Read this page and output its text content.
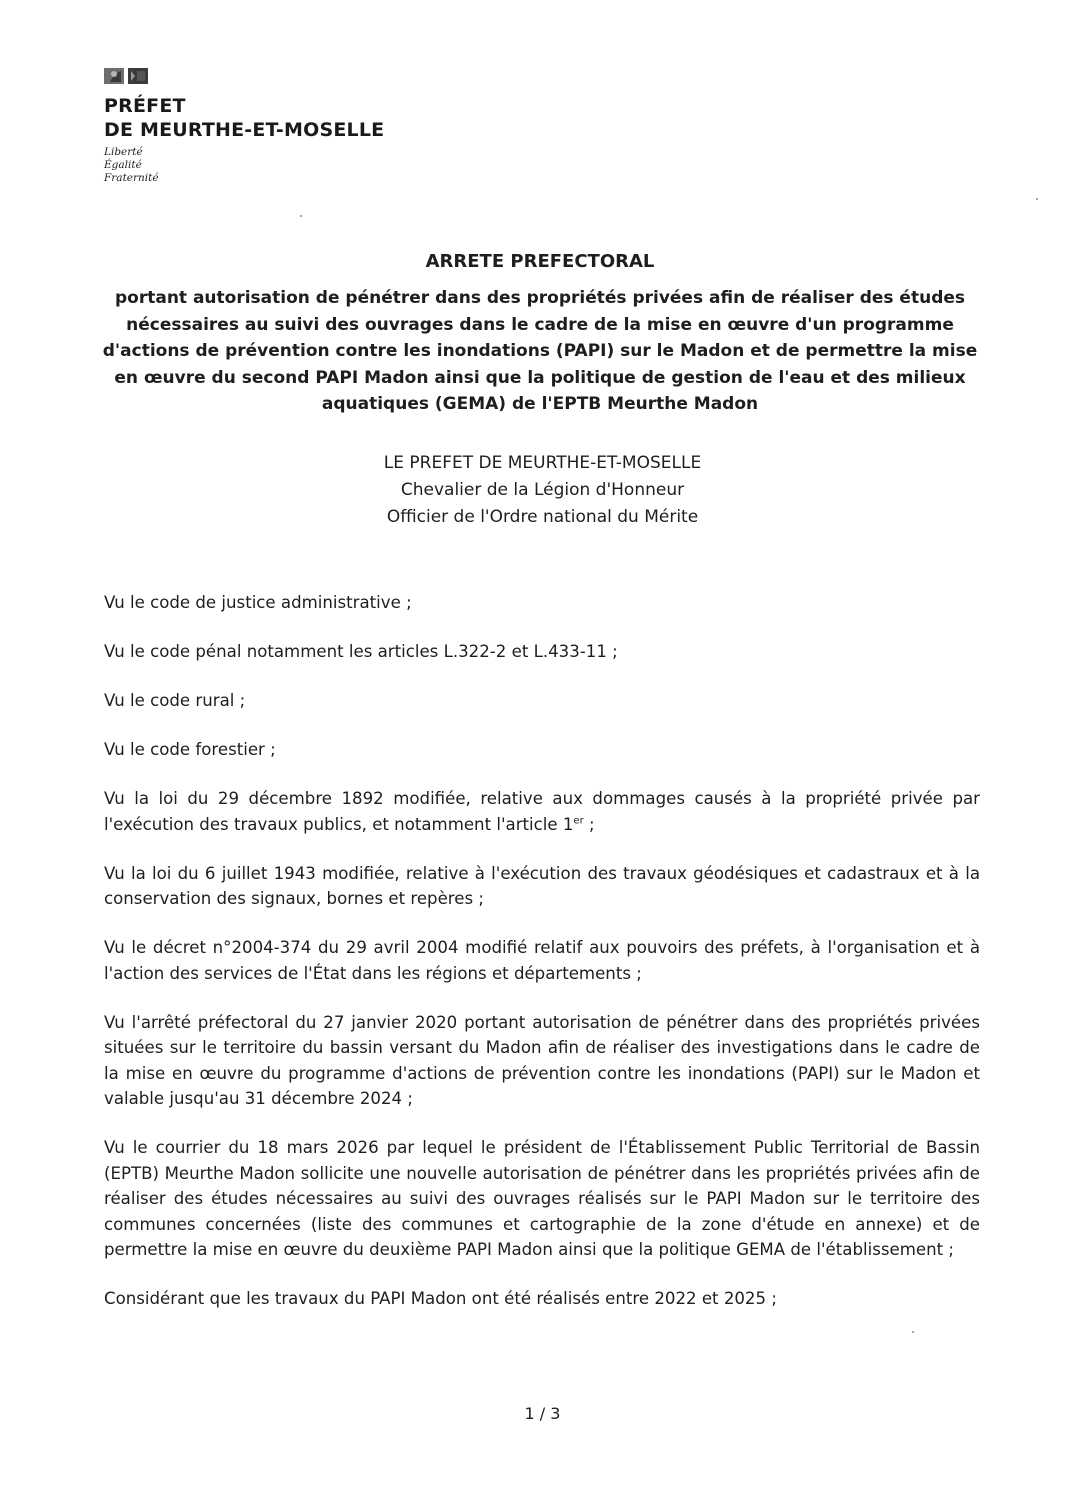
PRÉFET
DE MEURTHE-ET-MOSELLE
Liberté
Égalité
Fraternité
ARRETE PREFECTORAL
portant autorisation de pénétrer dans des propriétés privées afin de réaliser des études nécessaires au suivi des ouvrages dans le cadre de la mise en œuvre d'un programme d'actions de prévention contre les inondations (PAPI) sur le Madon et de permettre la mise en œuvre du second PAPI Madon ainsi que la politique de gestion de l'eau et des milieux aquatiques (GEMA) de l'EPTB Meurthe Madon
LE PREFET DE MEURTHE-ET-MOSELLE
Chevalier de la Légion d'Honneur
Officier de l'Ordre national du Mérite

Vu le code de justice administrative ;

Vu le code pénal notamment les articles L.322-2 et L.433-11 ;

Vu le code rural ;

Vu le code forestier ;

Vu la loi du 29 décembre 1892 modifiée, relative aux dommages causés à la propriété privée par l'exécution des travaux publics, et notamment l'article 1er ;

Vu la loi du 6 juillet 1943 modifiée, relative à l'exécution des travaux géodésiques et cadastraux et à la conservation des signaux, bornes et repères ;

Vu le décret n°2004-374 du 29 avril 2004 modifié relatif aux pouvoirs des préfets, à l'organisation et à l'action des services de l'État dans les régions et départements ;

Vu l'arrêté préfectoral du 27 janvier 2020 portant autorisation de pénétrer dans des propriétés privées situées sur le territoire du bassin versant du Madon afin de réaliser des investigations dans le cadre de la mise en œuvre du programme d'actions de prévention contre les inondations (PAPI) sur le Madon et valable jusqu'au 31 décembre 2024 ;

Vu le courrier du 18 mars 2026 par lequel le président de l'Établissement Public Territorial de Bassin (EPTB) Meurthe Madon sollicite une nouvelle autorisation de pénétrer dans les propriétés privées afin de réaliser des études nécessaires au suivi des ouvrages réalisés sur le PAPI Madon sur le territoire des communes concernées (liste des communes et cartographie de la zone d'étude en annexe) et de permettre la mise en œuvre du deuxième PAPI Madon ainsi que la politique GEMA de l'établissement ;

Considérant que les travaux du PAPI Madon ont été réalisés entre 2022 et 2025 ;

1 / 3
